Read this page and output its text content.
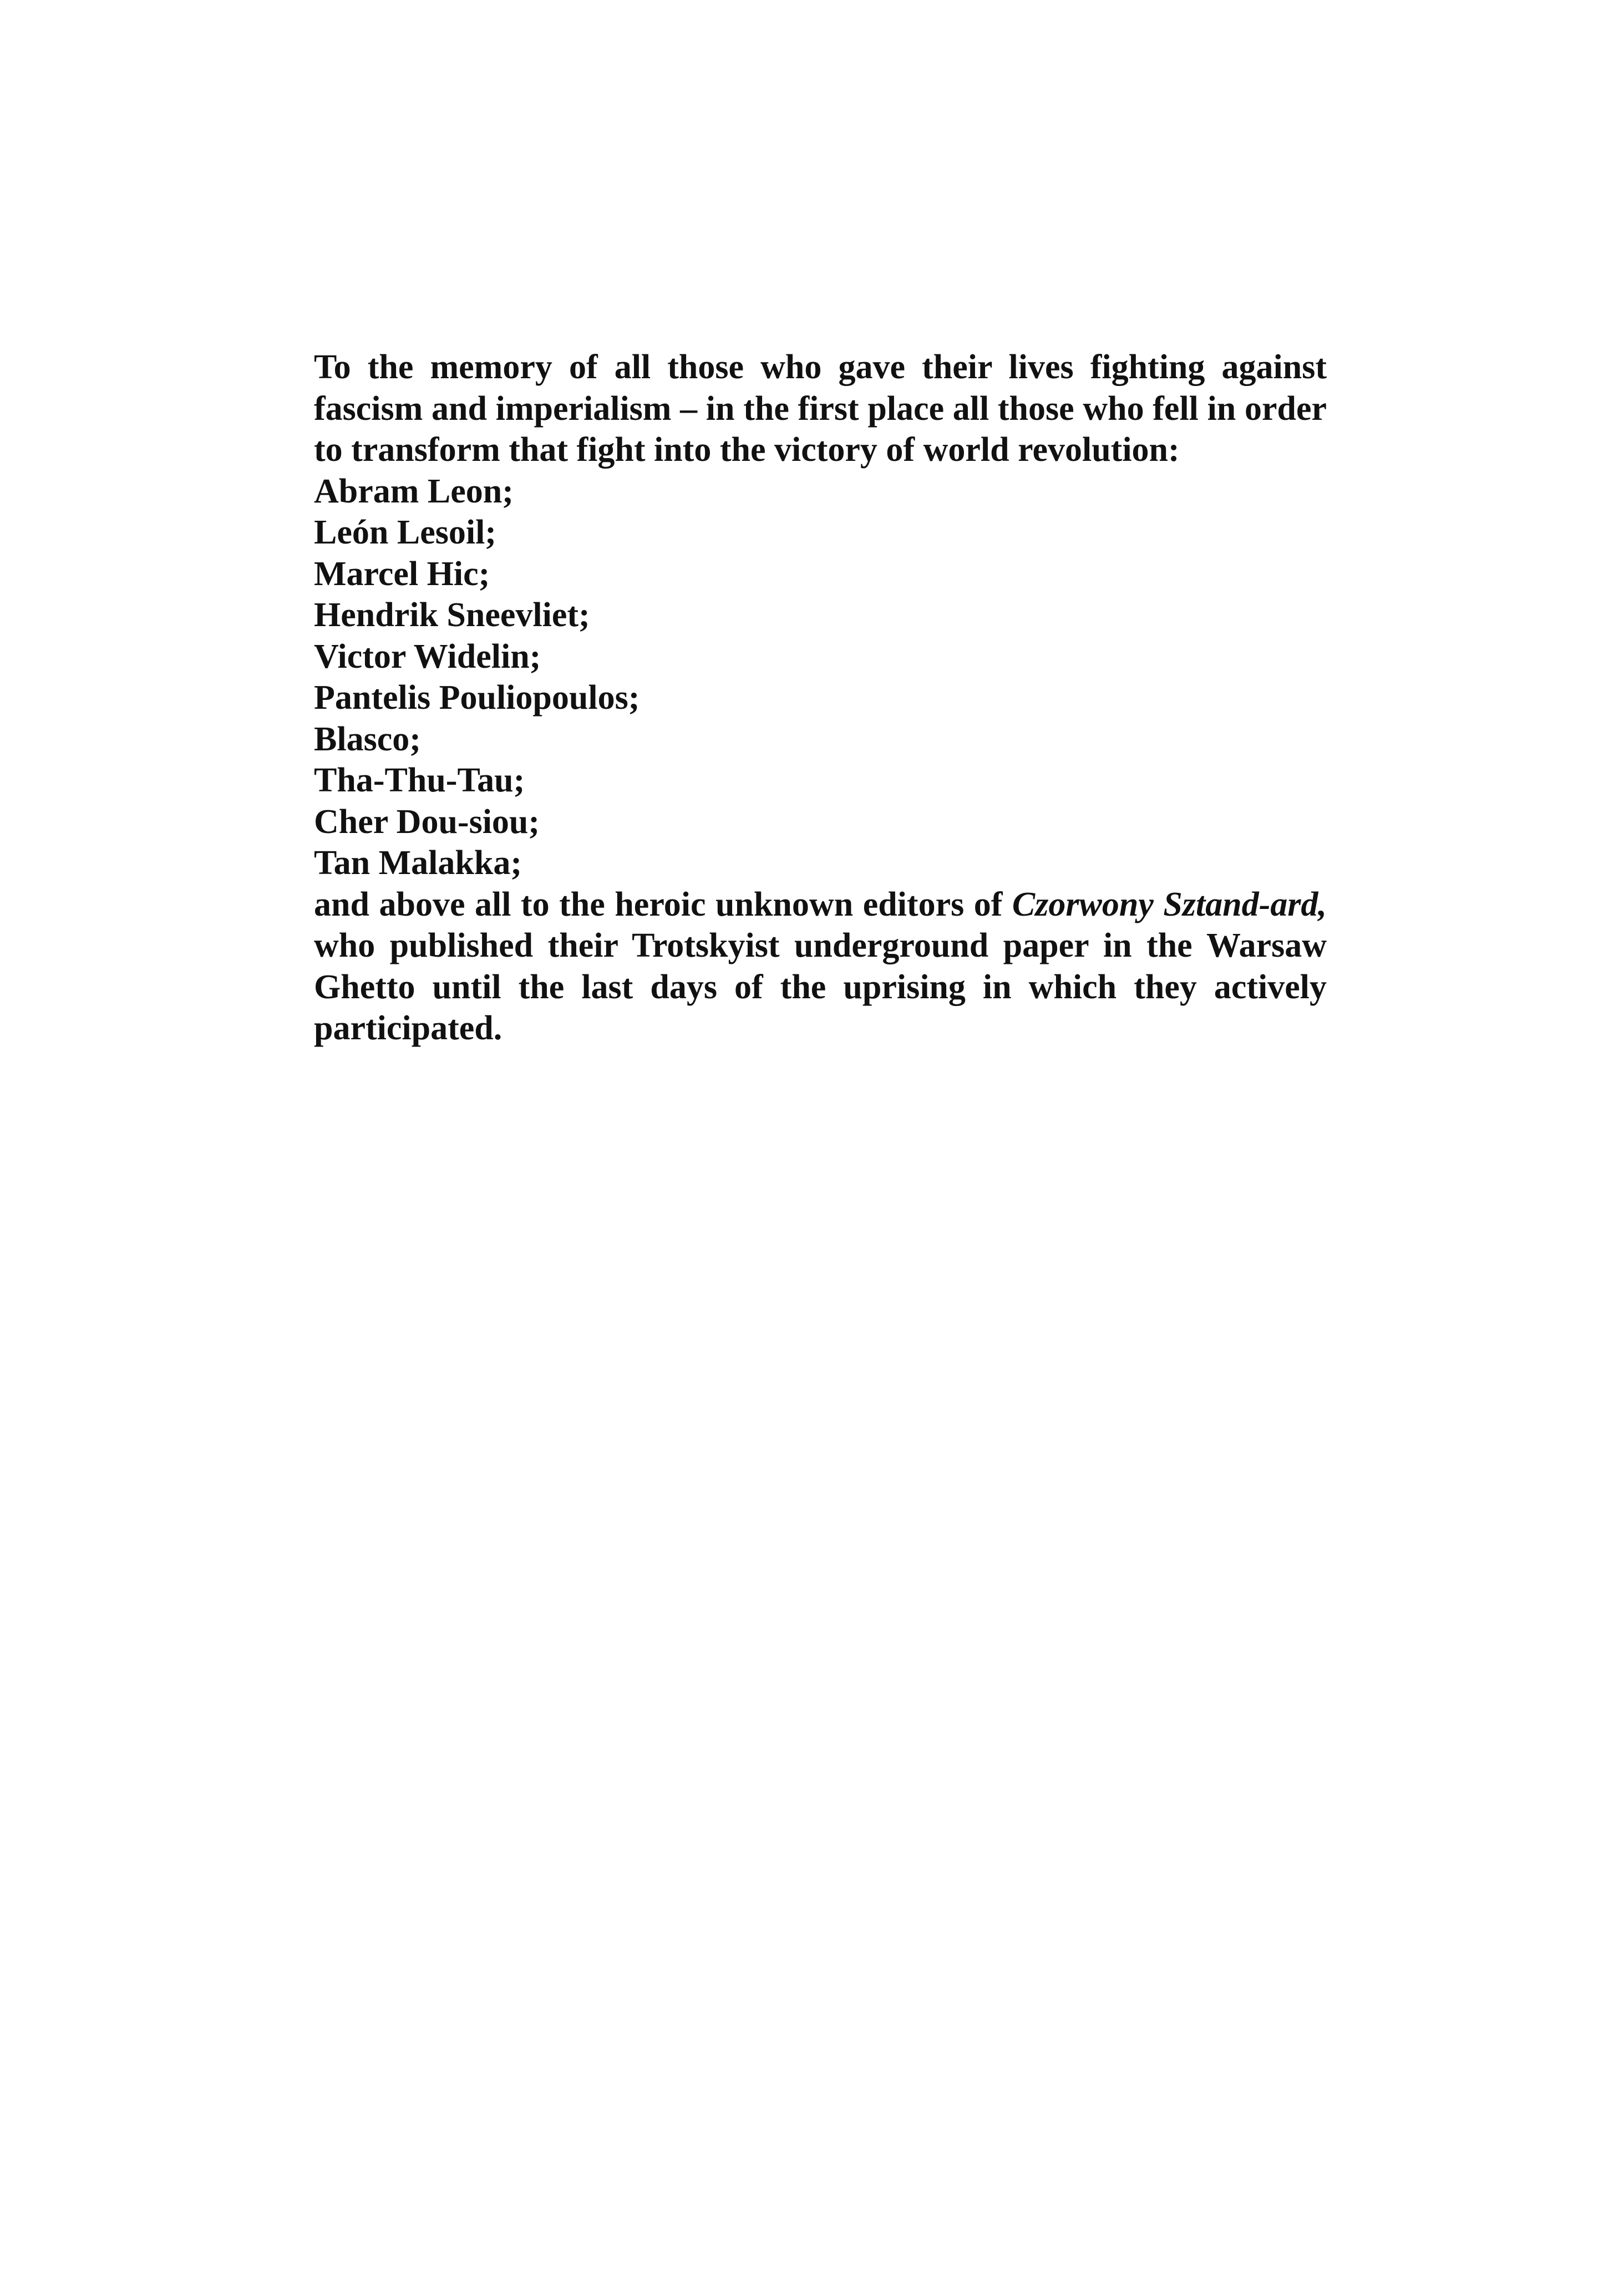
To the memory of all those who gave their lives fighting against fascism and imperialism – in the first place all those who fell in order to transform that fight into the victory of world revolution:

Abram Leon;
León Lesoil;
Marcel Hic;
Hendrik Sneevliet;
Victor Widelin;
Pantelis Pouliopoulos;
Blasco;
Tha-Thu-Tau;
Cher Dou-siou;
Tan Malakka;

and above all to the heroic unknown editors of Czorwony Sztand-ard, who published their Trotskyist underground paper in the Warsaw Ghetto until the last days of the uprising in which they actively participated.
